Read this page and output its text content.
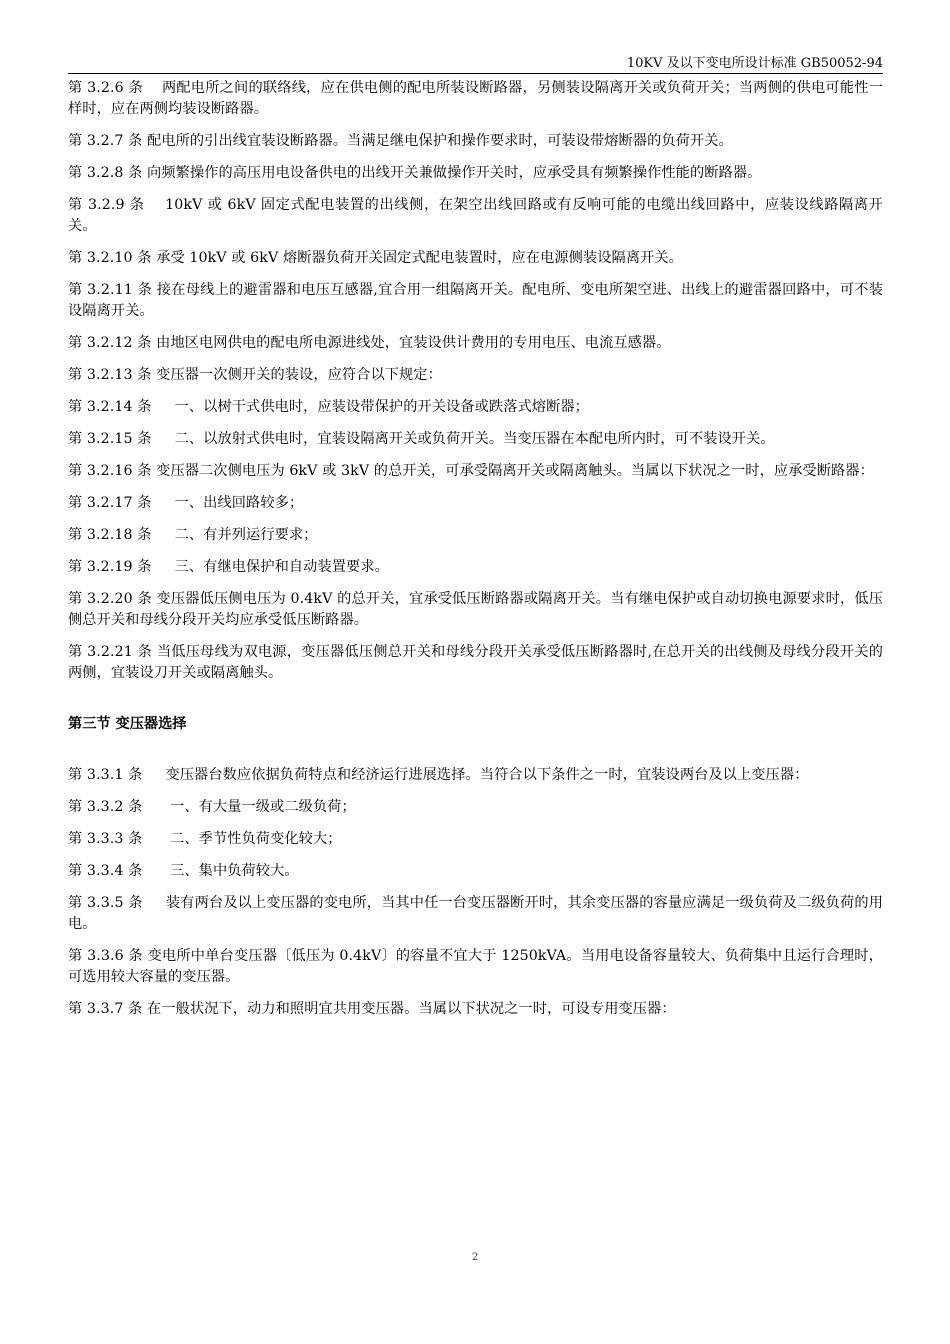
10KV 及以下变电所设计标准 GB50052-94

第 3.2.6 条 两配电所之间的联络线，应在供电侧的配电所装设断路器，另侧装设隔离开关或负荷开关；当两侧的供电可能性一样时，应在两侧均装设断路器。

第 3.2.7 条 配电所的引出线宜装设断路器。当满足继电保护和操作要求时，可装设带熔断器的负荷开关。

第 3.2.8 条 向频繁操作的高压用电设备供电的出线开关兼做操作开关时，应承受具有频繁操作性能的断路器。

第 3.2.9 条 10kV 或 6kV 固定式配电装置的出线侧，在架空出线回路或有反响可能的电缆出线回路中，应装设线路隔离开关。

第 3.2.10 条 承受 10kV 或 6kV 熔断器负荷开关固定式配电装置时，应在电源侧装设隔离开关。

第 3.2.11 条 接在母线上的避雷器和电压互感器,宜合用一组隔离开关。配电所、变电所架空进、出线上的避雷器回路中，可不装设隔离开关。

第 3.2.12 条 由地区电网供电的配电所电源进线处，宜装设供计费用的专用电压、电流互感器。

第 3.2.13 条 变压器一次侧开关的装设，应符合以下规定：

第 3.2.14 条 一、以树干式供电时，应装设带保护的开关设备或跌落式熔断器；

第 3.2.15 条 二、以放射式供电时，宜装设隔离开关或负荷开关。当变压器在本配电所内时，可不装设开关。

第 3.2.16 条 变压器二次侧电压为 6kV 或 3kV 的总开关，可承受隔离开关或隔离触头。当属以下状况之一时，应承受断路器：

第 3.2.17 条 一、出线回路较多；

第 3.2.18 条 二、有并列运行要求；

第 3.2.19 条 三、有继电保护和自动装置要求。

第 3.2.20 条 变压器低压侧电压为 0.4kV 的总开关，宜承受低压断路器或隔离开关。当有继电保护或自动切换电源要求时，低压侧总开关和母线分段开关均应承受低压断路器。

第 3.2.21 条 当低压母线为双电源，变压器低压侧总开关和母线分段开关承受低压断路器时,在总开关的出线侧及母线分段开关的两侧，宜装设刀开关或隔离触头。

第三节 变压器选择

第 3.3.1 条 变压器台数应依据负荷特点和经济运行进展选择。当符合以下条件之一时，宜装设两台及以上变压器：

第 3.3.2 条 一、有大量一级或二级负荷；

第 3.3.3 条 二、季节性负荷变化较大；

第 3.3.4 条 三、集中负荷较大。

第 3.3.5 条 装有两台及以上变压器的变电所，当其中任一台变压器断开时，其余变压器的容量应满足一级负荷及二级负荷的用电。

第 3.3.6 条 变电所中单台变压器〔低压为 0.4kV〕的容量不宜大于 1250kVA。当用电设备容量较大、负荷集中且运行合理时，可选用较大容量的变压器。

第 3.3.7 条 在一般状况下，动力和照明宜共用变压器。当属以下状况之一时，可设专用变压器：

2
